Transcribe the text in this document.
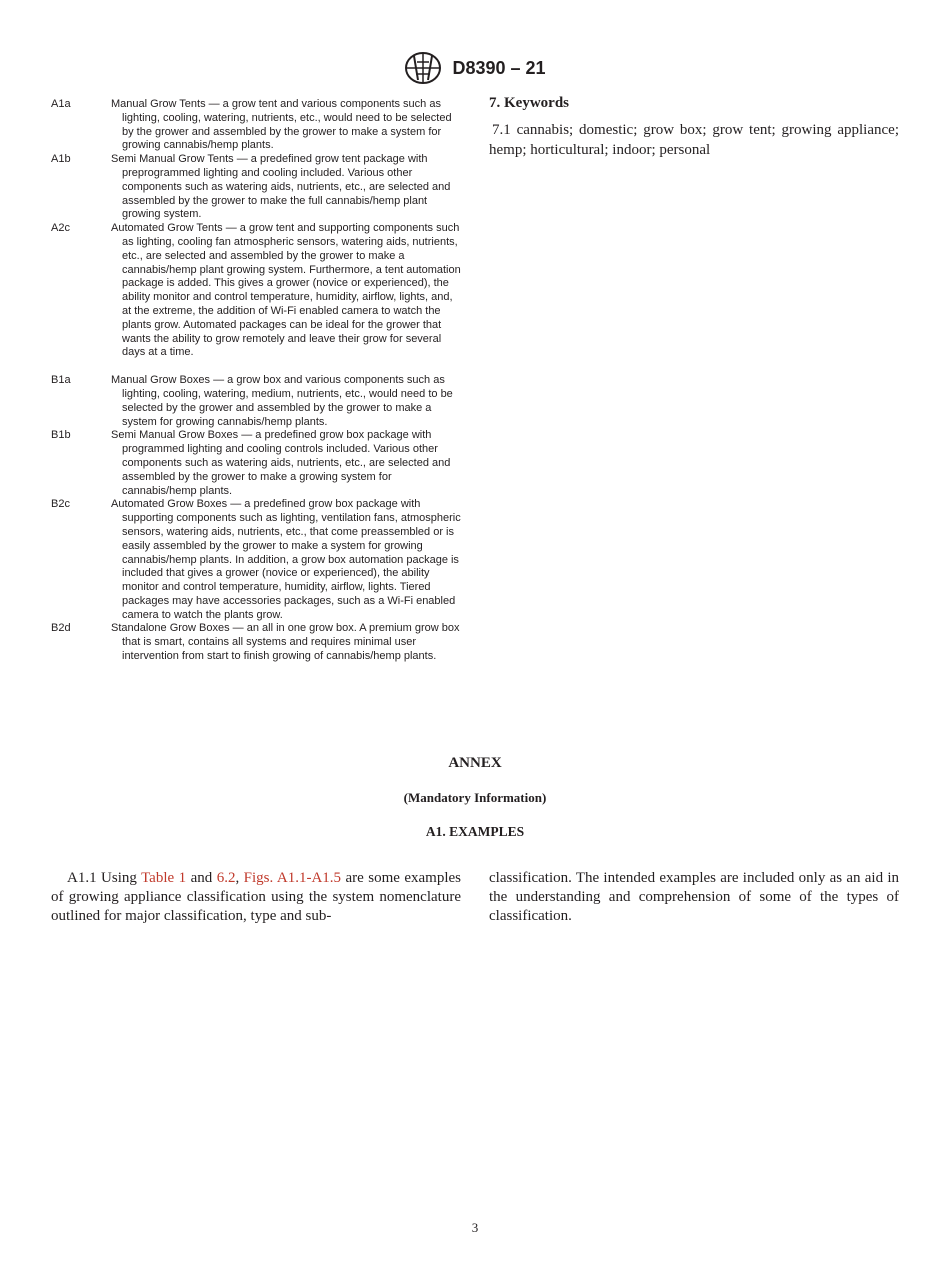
D8390 – 21
A1a	Manual Grow Tents — a grow tent and various components such as lighting, cooling, watering, nutrients, etc., would need to be selected by the grower and assembled by the grower to make a system for growing cannabis/hemp plants.
A1b	Semi Manual Grow Tents — a predefined grow tent package with preprogrammed lighting and cooling included. Various other components such as watering aids, nutrients, etc., are selected and assembled by the grower to make the full cannabis/hemp plant growing system.
A2c	Automated Grow Tents — a grow tent and supporting components such as lighting, cooling fan atmospheric sensors, watering aids, nutrients, etc., are selected and assembled by the grower to make a cannabis/hemp plant growing system. Furthermore, a tent automation package is added. This gives a grower (novice or experienced), the ability monitor and control temperature, humidity, airflow, lights, and, at the extreme, the addition of Wi-Fi enabled camera to watch the plants grow. Automated packages can be ideal for the grower that wants the ability to grow remotely and leave their grow for several days at a time.
B1a	Manual Grow Boxes — a grow box and various components such as lighting, cooling, watering, medium, nutrients, etc., would need to be selected by the grower and assembled by the grower to make a system for growing cannabis/hemp plants.
B1b	Semi Manual Grow Boxes — a predefined grow box package with programmed lighting and cooling controls included. Various other components such as watering aids, nutrients, etc., are selected and assembled by the grower to make a growing system for cannabis/hemp plants.
B2c	Automated Grow Boxes — a predefined grow box package with supporting components such as lighting, ventilation fans, atmospheric sensors, watering aids, nutrients, etc., that come preassembled or is easily assembled by the grower to make a system for growing cannabis/hemp plants. In addition, a grow box automation package is included that gives a grower (novice or experienced), the ability monitor and control temperature, humidity, airflow, lights. Tiered packages may have accessories packages, such as a Wi-Fi enabled camera to watch the plants grow.
B2d	Standalone Grow Boxes — an all in one grow box. A premium grow box that is smart, contains all systems and requires minimal user intervention from start to finish growing of cannabis/hemp plants.
7. Keywords

7.1 cannabis; domestic; grow box; grow tent; growing appliance; hemp; horticultural; indoor; personal

ANNEX
(Mandatory Information)
A1. EXAMPLES

A1.1 Using Table 1 and 6.2, Figs. A1.1-A1.5 are some examples of growing appliance classification using the system nomenclature outlined for major classification, type and sub-

classification. The intended examples are included only as an aid in the understanding and comprehension of some of the types of classification.

3
